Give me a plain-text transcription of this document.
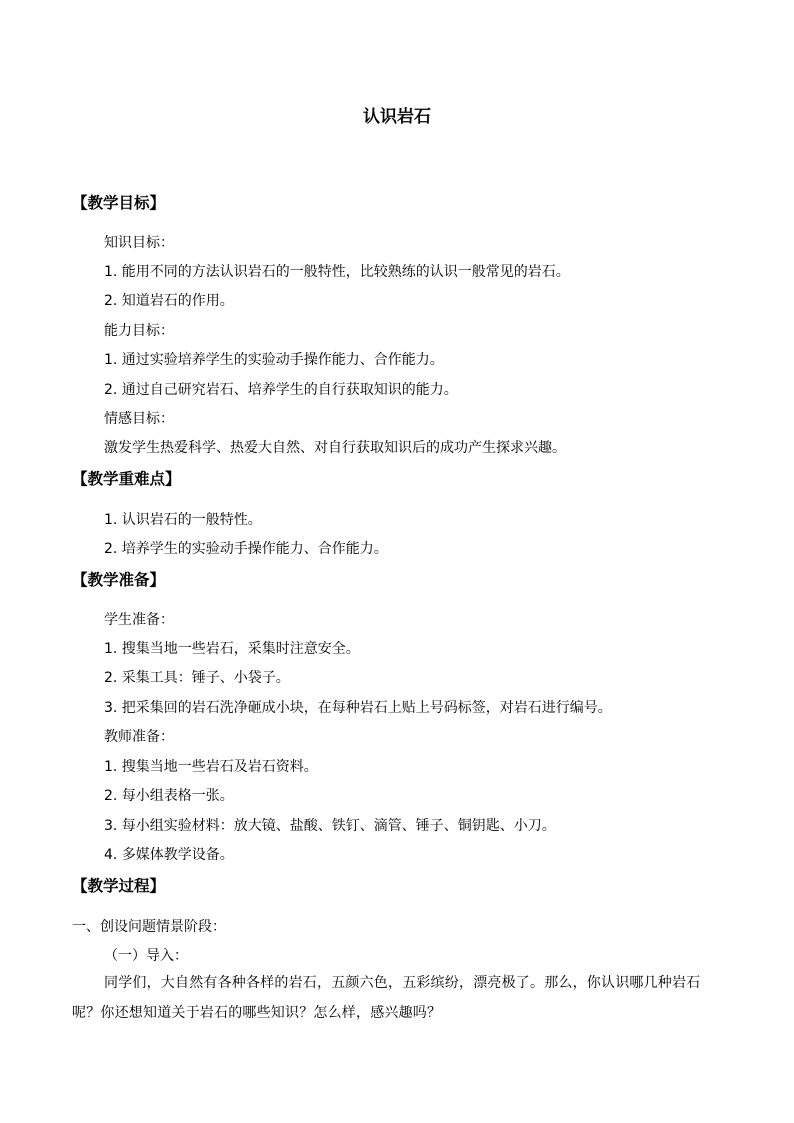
认识岩石
【教学目标】
知识目标：
1. 能用不同的方法认识岩石的一般特性，比较熟练的认识一般常见的岩石。
2. 知道岩石的作用。
能力目标：
1. 通过实验培养学生的实验动手操作能力、合作能力。
2. 通过自己研究岩石、培养学生的自行获取知识的能力。
情感目标：
激发学生热爱科学、热爱大自然、对自行获取知识后的成功产生探求兴趣。
【教学重难点】
1. 认识岩石的一般特性。
2. 培养学生的实验动手操作能力、合作能力。
【教学准备】
学生准备：
1. 搜集当地一些岩石，采集时注意安全。
2. 采集工具：锤子、小袋子。
3. 把采集回的岩石洗净砸成小块，在每种岩石上贴上号码标签，对岩石进行编号。
教师准备：
1. 搜集当地一些岩石及岩石资料。
2. 每小组表格一张。
3. 每小组实验材料：放大镜、盐酸、铁钉、滴管、锤子、铜钥匙、小刀。
4. 多媒体教学设备。
【教学过程】
一、创设问题情景阶段：
（一）导入：
同学们，大自然有各种各样的岩石，五颜六色，五彩缤纷，漂亮极了。那么，你认识哪几种岩石呢？你还想知道关于岩石的哪些知识？怎么样，感兴趣吗？
